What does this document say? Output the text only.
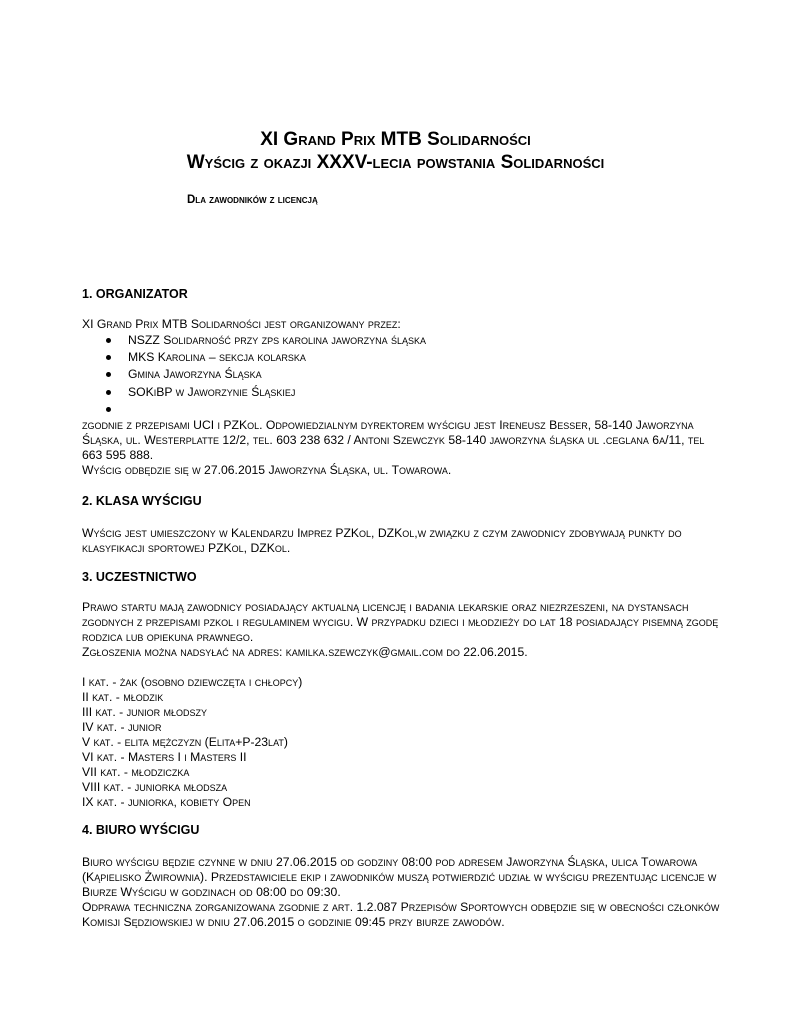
XI Grand Prix MTB Solidarności
Wyścig z okazji XXXV-lecia powstania Solidarności
Dla zawodników z licencją
1. ORGANIZATOR

XI Grand Prix MTB Solidarności jest organizowany przez:

NSZZ Solidarność przy zps karolina jaworzyna śląska
MKS Karolina – sekcja kolarska
Gmina Jaworzyna Śląska
SOKiBP w Jaworzynie Śląskiej

zgodnie z przepisami UCI i PZKol. Odpowiedzialnym dyrektorem wyścigu jest Ireneusz Besser, 58-140 Jaworzyna Śląska, ul. Westerplatte 12/2, tel. 603 238 632 / Antoni Szewczyk 58-140 jaworzyna śląska ul .ceglana 6a/11, tel 663 595 888.

Wyścig odbędzie się w 27.06.2015 Jaworzyna Śląska, ul. Towarowa.

2. KLASA WYŚCIGU

Wyścig jest umieszczony w Kalendarzu Imprez PZKol, DZKol,w związku z czym zawodnicy zdobywają punkty do klasyfikacji sportowej PZKol, DZKol.

3. UCZESTNICTWO

Prawo startu mają zawodnicy posiadający aktualną licencję i badania lekarskie oraz niezrzeszeni, na dystansach zgodnych z przepisami pzkol i regulaminem wycigu. W przypadku dzieci i młodzieży do lat 18 posiadający pisemną zgodę rodzica lub opiekuna prawnego.

Zgłoszenia można nadsyłać na adres: kamilka.szewczyk@gmail.com do 22.06.2015.

I kat. - żak (osobno dziewczęta i chłopcy)
II kat. - młodzik
III kat. - junior młodszy
IV kat. - junior
V kat. - elita mężczyzn (Elita+P-23lat)
VI kat. - Masters I i Masters II
VII kat. - młodziczka
VIII kat. - juniorka młodsza
IX kat. - juniorka, kobiety Open
4. BIURO WYŚCIGU

Biuro wyścigu będzie czynne w dniu 27.06.2015 od godziny 08:00 pod adresem Jaworzyna Śląska, ulica Towarowa (Kąpielisko Żwirownia). Przedstawiciele ekip i zawodników muszą potwierdzić udział w wyścigu prezentując licencje w Biurze Wyścigu w godzinach od 08:00 do 09:30.

Odprawa techniczna zorganizowana zgodnie z art. 1.2.087 Przepisów Sportowych odbędzie się w obecności członków Komisji Sędziowskiej w dniu 27.06.2015 o godzinie 09:45 przy biurze zawodów.
